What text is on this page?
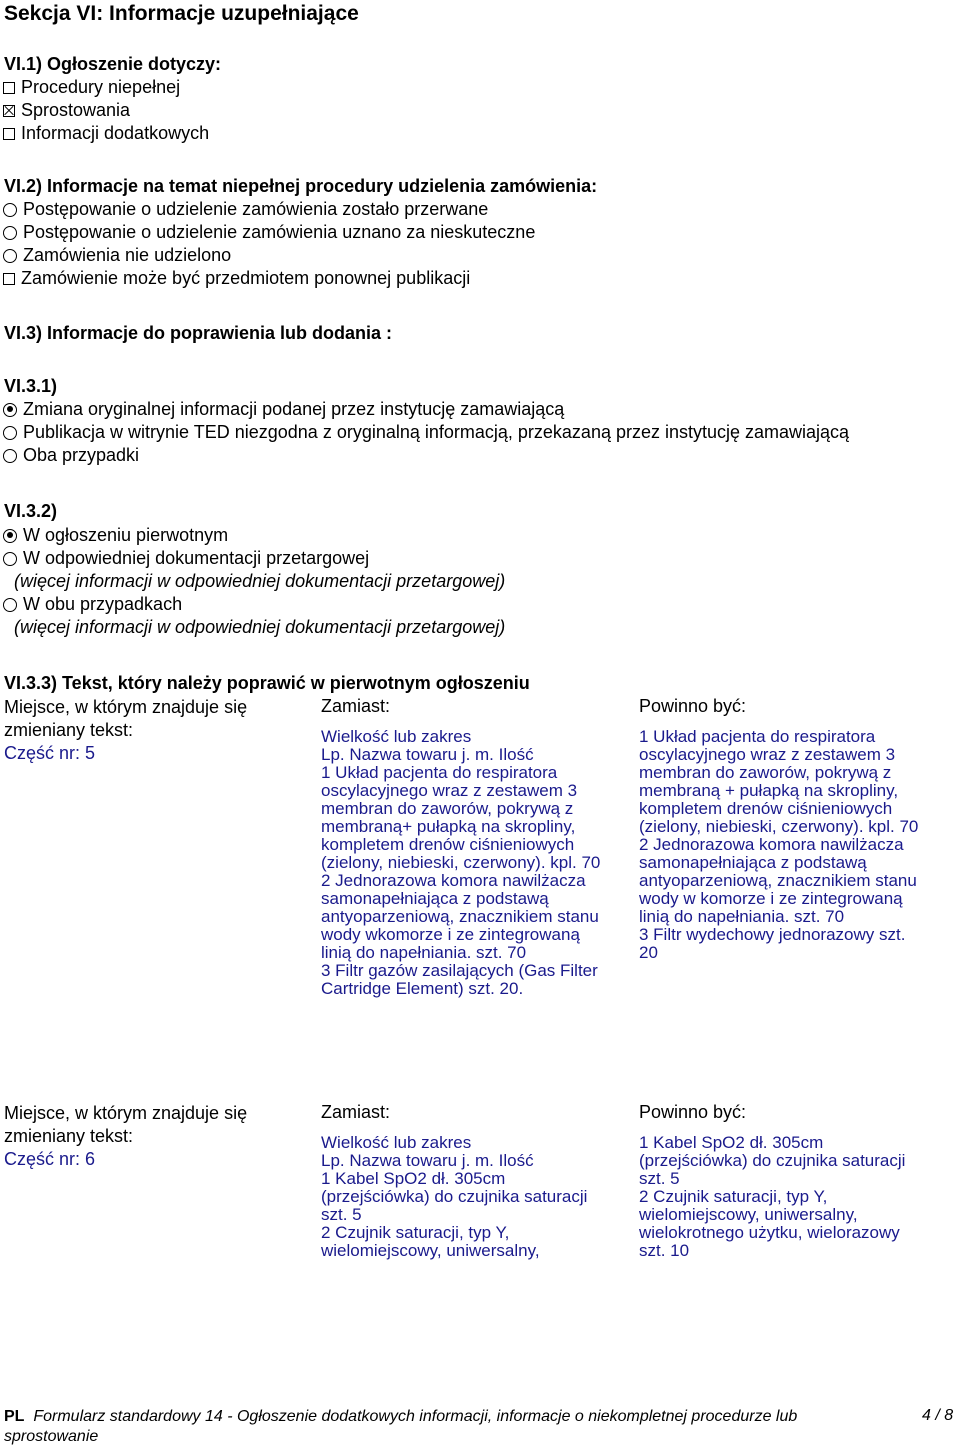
Sekcja VI: Informacje uzupełniające
VI.1) Ogłoszenie dotyczy:
Procedury niepełnej
Sprostowania
Informacji dodatkowych
VI.2) Informacje na temat niepełnej procedury udzielenia zamówienia:
Postępowanie o udzielenie zamówienia zostało przerwane
Postępowanie o udzielenie zamówienia uznano za nieskuteczne
Zamówienia nie udzielono
Zamówienie może być przedmiotem ponownej publikacji
VI.3) Informacje do poprawienia lub dodania :
VI.3.1)
Zmiana oryginalnej informacji podanej przez instytucję zamawiającą
Publikacja w witrynie TED niezgodna z oryginalną informacją, przekazaną przez instytucję zamawiającą
Oba przypadki
VI.3.2)
W ogłoszeniu pierwotnym
W odpowiedniej dokumentacji przetargowej
(więcej informacji w odpowiedniej dokumentacji przetargowej)
W obu przypadkach
(więcej informacji w odpowiedniej dokumentacji przetargowej)
VI.3.3) Tekst, który należy poprawić w pierwotnym ogłoszeniu
Miejsce, w którym znajduje się
zmieniany tekst:
Część nr: 5
Zamiast:	Powinno być:
Wielkość lub zakres
Lp. Nazwa towaru j. m. Ilość
1 Układ pacjenta do respiratora
oscylacyjnego wraz z zestawem 3
membran do zaworów, pokrywą z
membraną+ pułapką na skropliny,
kompletem drenów ciśnieniowych
(zielony, niebieski, czerwony). kpl. 70
2 Jednorazowa komora nawilżacza
samonapełniająca z podstawą
antyoparzeniową, znacznikiem stanu
wody wkomorze i ze zintegrowaną
linią do napełniania. szt. 70
3 Filtr gazów zasilających (Gas Filter
Cartridge Element) szt. 20.
1 Układ pacjenta do respiratora
oscylacyjnego wraz z zestawem 3
membran do zaworów, pokrywą z
membraną + pułapką na skropliny,
kompletem drenów ciśnieniowych
(zielony, niebieski, czerwony). kpl. 70
2 Jednorazowa komora nawilżacza
samonapełniająca z podstawą
antyoparzeniową, znacznikiem stanu
wody w komorze i ze zintegrowaną
linią do napełniania. szt. 70
3 Filtr wydechowy jednorazowy szt.
20
Miejsce, w którym znajduje się
zmieniany tekst:
Część nr: 6
Zamiast:	Powinno być:
Wielkość lub zakres
Lp. Nazwa towaru j. m. Ilość
1 Kabel SpO2 dł. 305cm
(przejściówka) do czujnika saturacji
szt. 5
2 Czujnik saturacji, typ Y,
wielomiejscowy, uniwersalny,
1 Kabel SpO2 dł. 305cm
(przejściówka) do czujnika saturacji
szt. 5
2 Czujnik saturacji, typ Y,
wielomiejscowy, uniwersalny,
wielokrotnego użytku, wielorazowy
szt. 10
PL Formularz standardowy 14 - Ogłoszenie dodatkowych informacji, informacje o niekompletnej procedurze lub
sprostowanie
4 / 8
